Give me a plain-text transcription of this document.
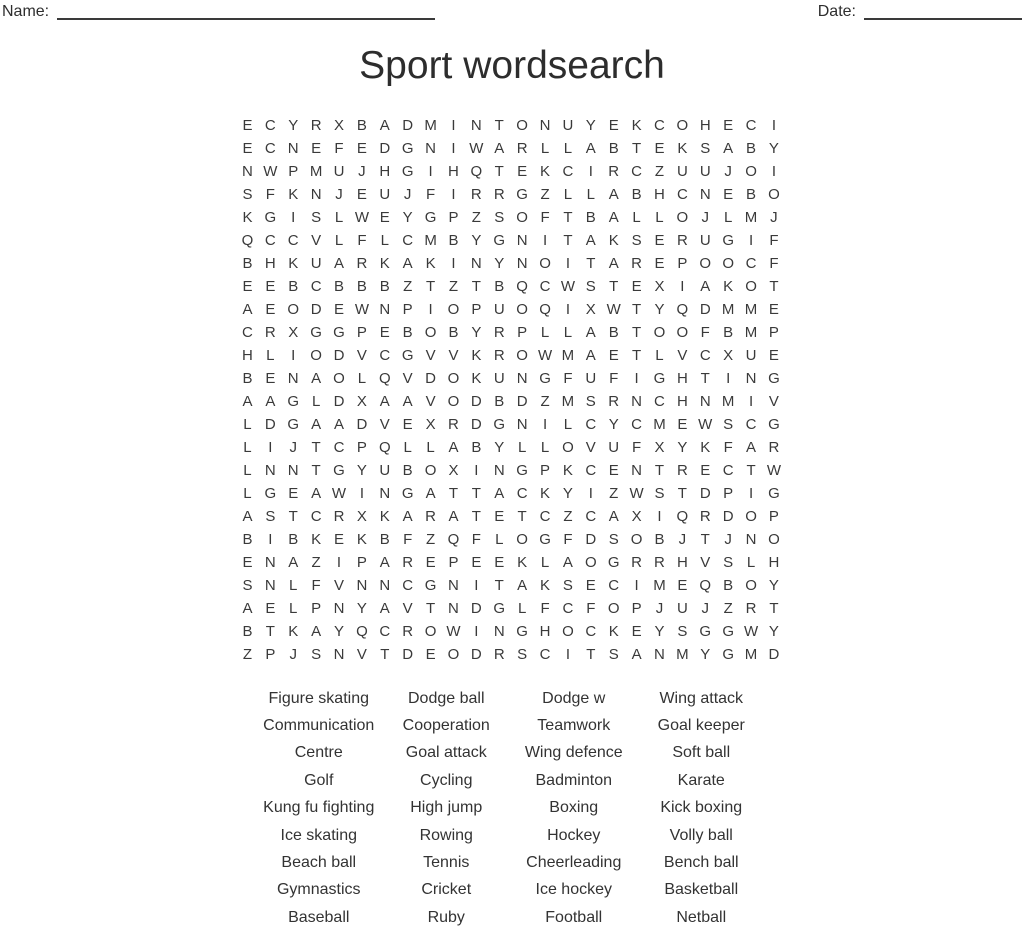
Name:	Date:
Sport wordsearch
E C Y R X B A D M I	N T O N U Y E K C O H E C	I
E C N E F E D G N	I W A R L L A B T E K S A B Y
N W P M U J H G I	H Q T E K C	I	R C Z U U J O I
S F K N J E U J F	I	R R G Z L L A B H C N E B O
K G I	S L W E Y G P Z S O F T B A L L O J L M J
Q C C V L F L C M B Y G N	I	T A K S E R U G I	F
B H K U A R K A K	I	N Y N O I	T A R E P O O C F
E E B C B B B Z T Z T B Q C W S T E X	I	A K O T
A E O D E W N P	I O P U O Q I	X W T Y Q D M M E
C R X G G P E B O B Y R P L L A B T O O F B M P
H L	I O D V C G V V K R O W M A E T L V C X U E
B E N A O L Q V D O K U N G F U F	I G H T	I	N G
A A G L D X A A V O D B D Z M S R N C H N M I	V
L D G A A D V E X R D G N	I	L C Y C M E W S C G
L	I	J T C P Q L L A B Y L L O V U F X Y K F A R
L N N T G Y U B O X	I	N G P K C E N T R E C T W
L G E A W I	N G A T T A C K Y	I	Z W S T D P	I G
A S T C R X K A R A T E T C Z C A X	I Q R D O P
B	I	B K E K B F Z Q F L O G F D S O B J T J N O
E N A Z	I	P A R E P E E K L A O G R R H V S L H
S N L F V N N C G N	I	T A K S E C	I M E Q B O Y
A E L P N Y A V T N D G L F C F O P J U J Z R T
B T K A Y Q C R O W I	N G H O C K E Y S G G W Y
Z P J S N V T D E O D R S C	I	T S A N M Y G M D
Figure skating	Dodge ball	Dodge w	Wing attack
Communication	Cooperation	Teamwork	Goal keeper
Centre	Goal attack	Wing defence	Soft ball
Golf	Cycling	Badminton	Karate
Kung fu fighting	High jump	Boxing	Kick boxing
Ice skating	Rowing	Hockey	Volly ball
Beach ball	Tennis	Cheerleading	Bench ball
Gymnastics	Cricket	Ice hockey	Basketball
Baseball	Ruby	Football	Netball
